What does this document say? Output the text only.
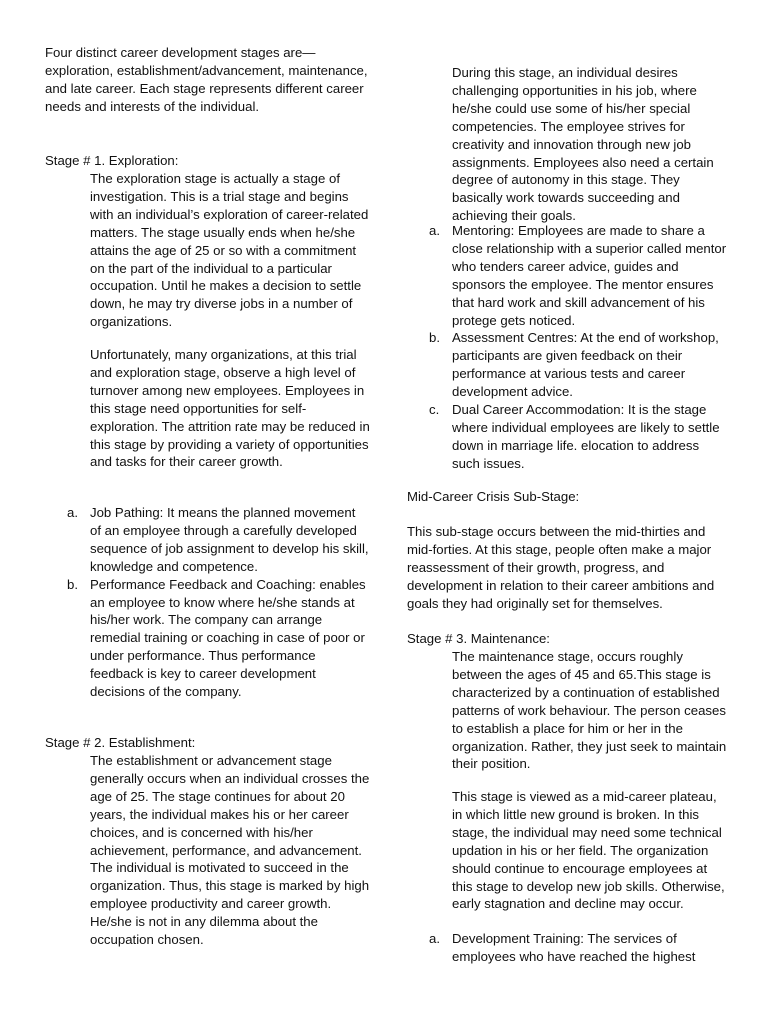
Four distinct career development stages are—exploration, establishment/advancement, maintenance, and late career. Each stage represents different career needs and interests of the individual.

Stage # 1. Exploration:

The exploration stage is actually a stage of investigation. This is a trial stage and begins with an individual’s exploration of career-related matters. The stage usually ends when he/she attains the age of 25 or so with a commitment on the part of the individual to a particular occupation. Until he makes a decision to settle down, he may try diverse jobs in a number of organizations.

Unfortunately, many organizations, at this trial and exploration stage, observe a high level of turnover among new employees. Employees in this stage need opportunities for self-exploration. The attrition rate may be reduced in this stage by providing a variety of opportunities and tasks for their career growth.

a. Job Pathing: It means the planned movement of an employee through a carefully developed sequence of job assignment to develop his skill, knowledge and competence.
b. Performance Feedback and Coaching: enables an employee to know where he/she stands at his/her work. The company can arrange remedial training or coaching in case of poor or under performance. Thus performance feedback is key to career development decisions of the company.

Stage # 2. Establishment:

The establishment or advancement stage generally occurs when an individual crosses the age of 25. The stage continues for about 20 years, the individual makes his or her career choices, and is concerned with his/her achievement, performance, and advancement. The individual is motivated to succeed in the organization. Thus, this stage is marked by high employee productivity and career growth. He/she is not in any dilemma about the occupation chosen.

During this stage, an individual desires challenging opportunities in his job, where he/she could use some of his/her special competencies. The employee strives for creativity and innovation through new job assignments. Employees also need a certain degree of autonomy in this stage. They basically work towards succeeding and achieving their goals.

a. Mentoring: Employees are made to share a close relationship with a superior called mentor who tenders career advice, guides and sponsors the employee. The mentor ensures that hard work and skill advancement of his protege gets noticed.
b. Assessment Centres: At the end of workshop, participants are given feedback on their performance at various tests and career development advice.
c. Dual Career Accommodation: It is the stage where individual employees are likely to settle down in marriage life. elocation to address such issues.

Mid-Career Crisis Sub-Stage:

This sub-stage occurs between the mid-thirties and mid-forties. At this stage, people often make a major reassessment of their growth, progress, and development in relation to their career ambitions and goals they had originally set for themselves.

Stage # 3. Maintenance:

The maintenance stage, occurs roughly between the ages of 45 and 65.This stage is characterized by a continuation of established patterns of work behaviour. The person ceases to establish a place for him or her in the organization. Rather, they just seek to maintain their position.

This stage is viewed as a mid-career plateau, in which little new ground is broken. In this stage, the individual may need some technical updation in his or her field. The organization should continue to encourage employees at this stage to develop new job skills. Otherwise, early stagnation and decline may occur.

a. Development Training: The services of employees who have reached the highest
